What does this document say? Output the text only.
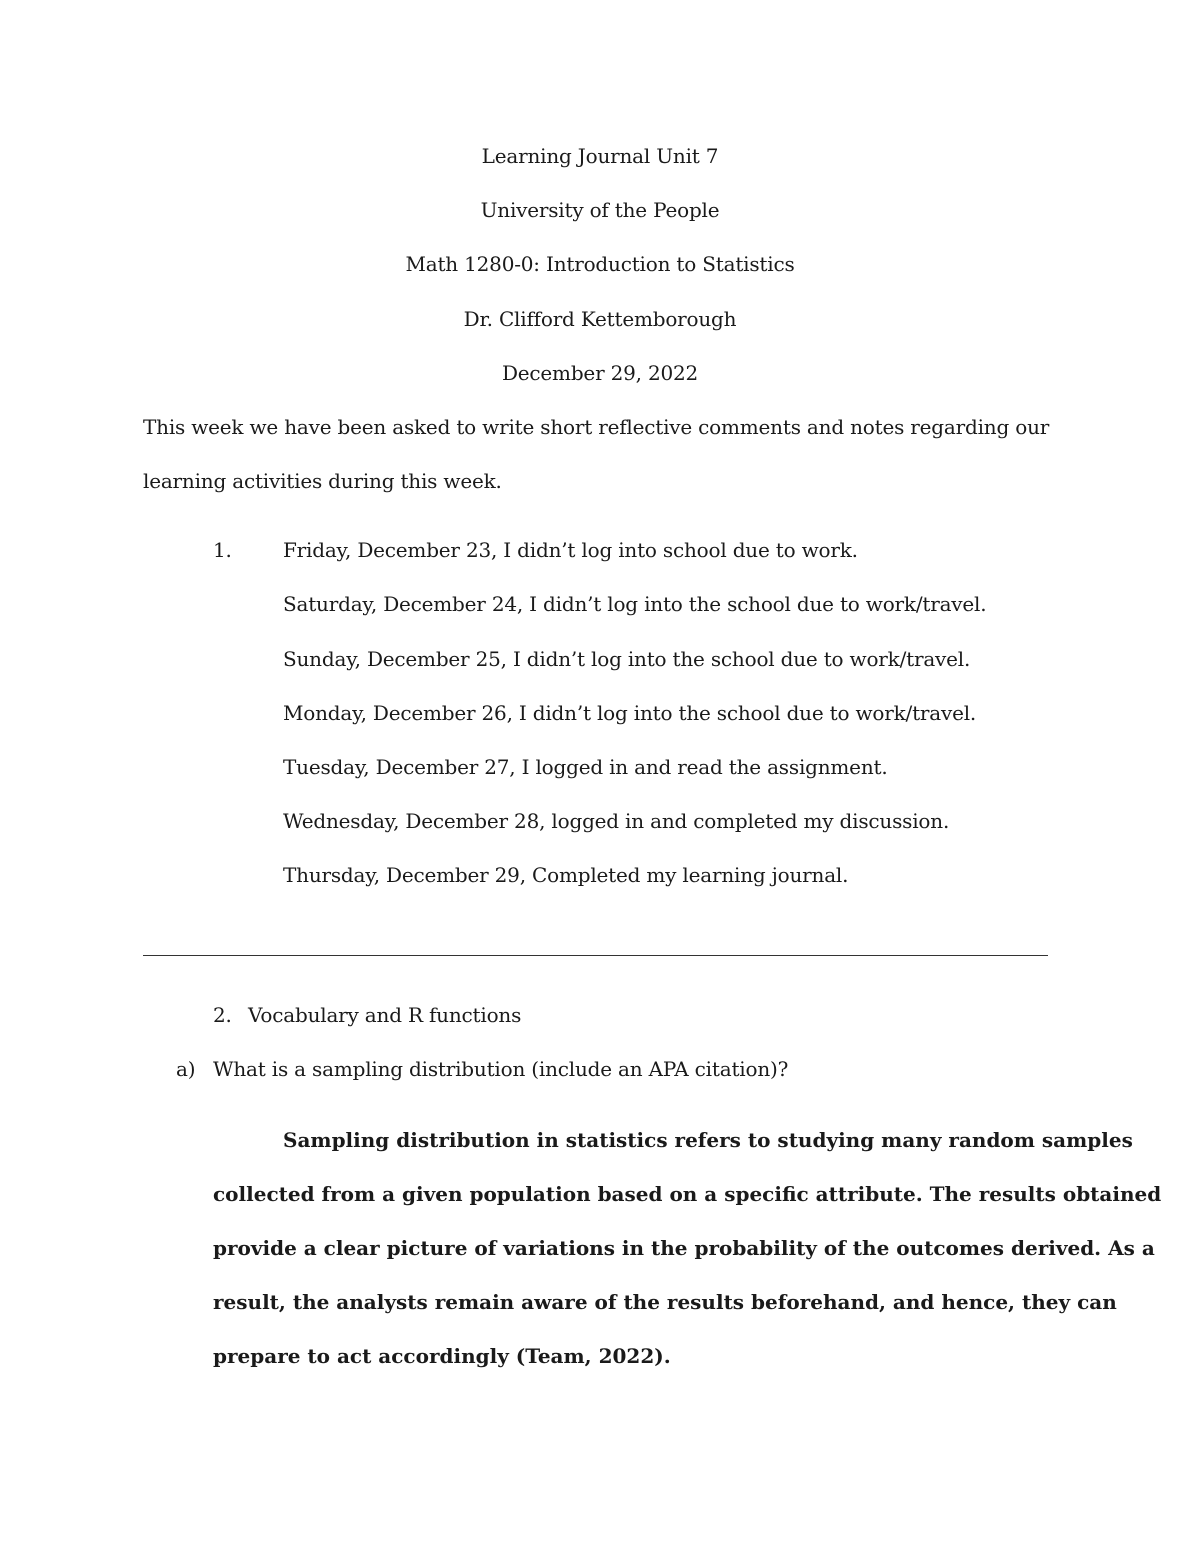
Learning Journal Unit 7
University of the People
Math 1280-0: Introduction to Statistics
Dr. Clifford Kettemborough
December 29, 2022
This week we have been asked to write short reflective comments and notes regarding our
learning activities during this week.
1.	Friday, December 23, I didn’t log into school due to work.
Saturday, December 24, I didn’t log into the school due to work/travel.
Sunday, December 25, I didn’t log into the school due to work/travel.
Monday, December 26, I didn’t log into the school due to work/travel.
Tuesday, December 27, I logged in and read the assignment.
Wednesday, December 28, logged in and completed my discussion.
Thursday, December 29, Completed my learning journal.
2. Vocabulary and R functions
a) What is a sampling distribution (include an APA citation)?
Sampling distribution in statistics refers to studying many random samples
collected from a given population based on a specific attribute. The results obtained
provide a clear picture of variations in the probability of the outcomes derived. As a
result, the analysts remain aware of the results beforehand, and hence, they can
prepare to act accordingly (Team, 2022).
